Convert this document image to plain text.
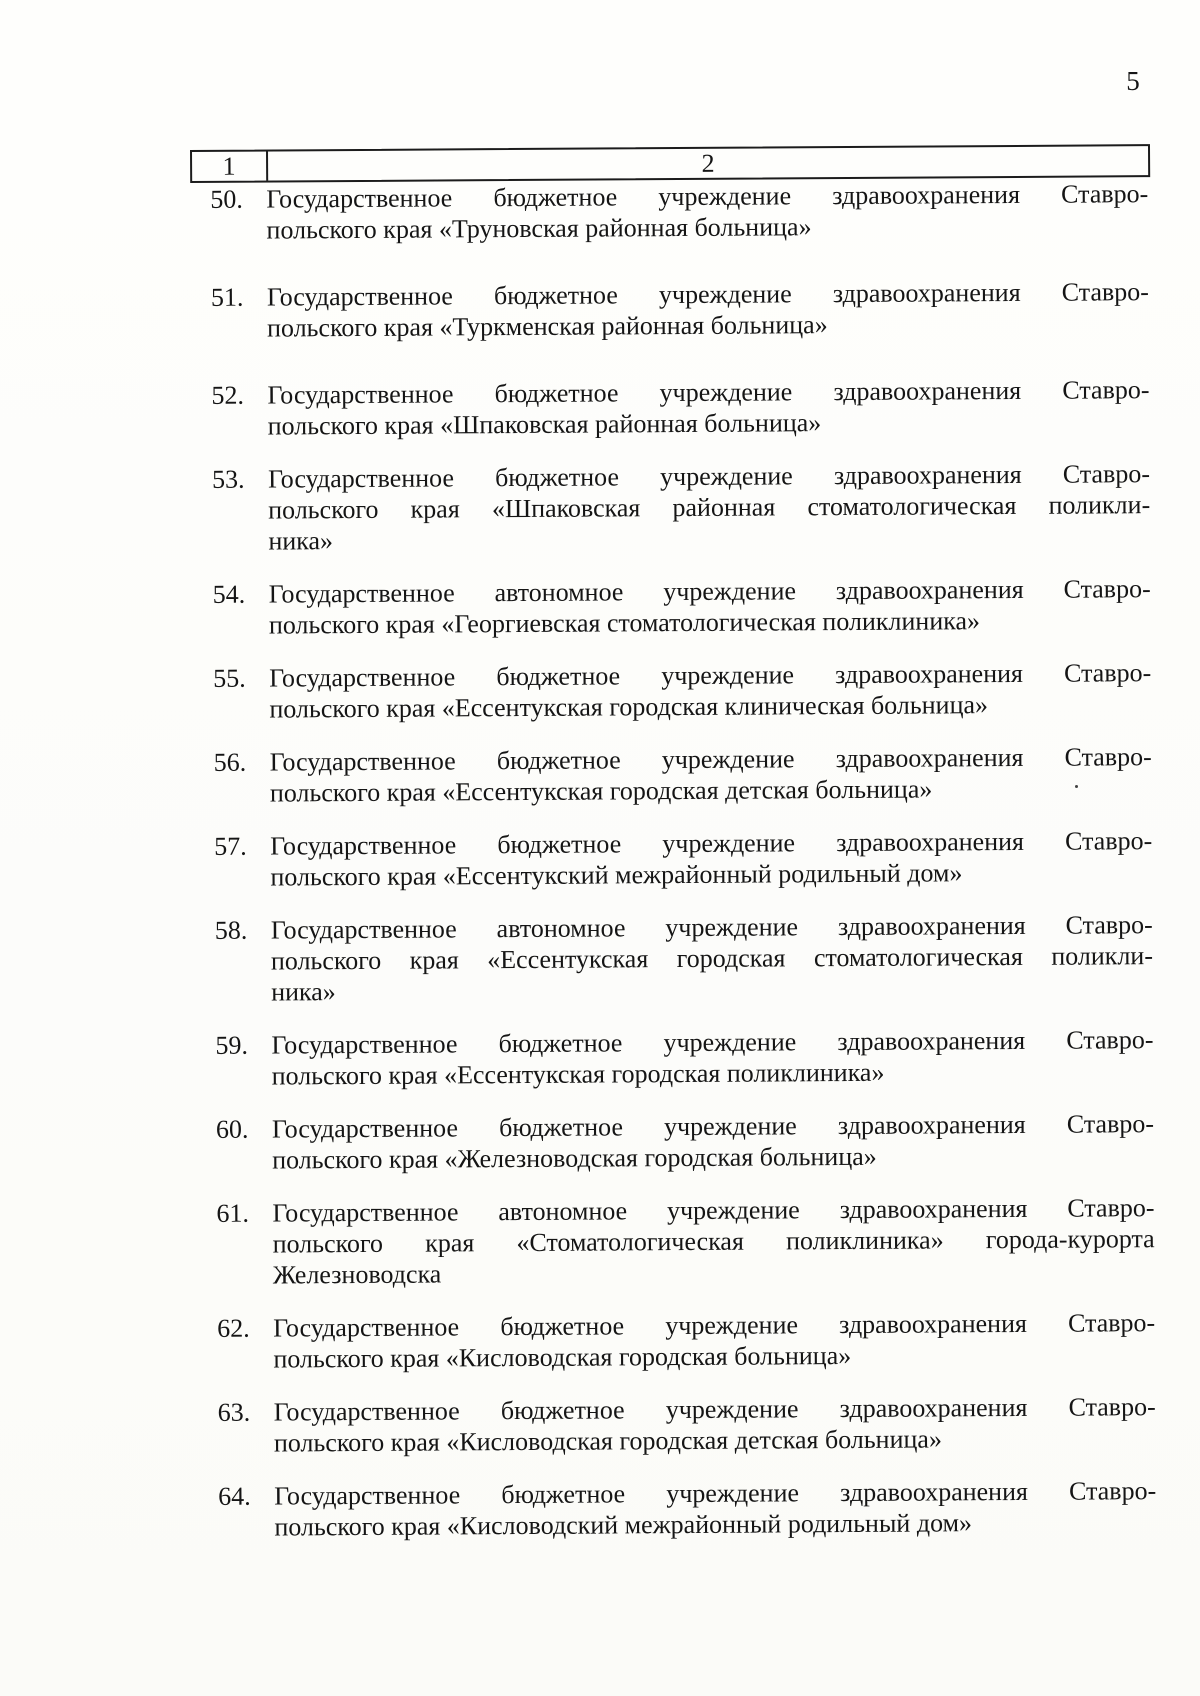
5
1	2
50. Государственное бюджетное учреждение здравоохранения Ставро-
польского края «Труновская районная больница»
51. Государственное бюджетное учреждение здравоохранения Ставро-
польского края «Туркменская районная больница»
52. Государственное бюджетное учреждение здравоохранения Ставро-
польского края «Шпаковская районная больница»
53. Государственное бюджетное учреждение здравоохранения Ставро-
польского края «Шпаковская районная стоматологическая поликли-
ника»
54. Государственное автономное учреждение здравоохранения Ставро-
польского края «Георгиевская стоматологическая поликлиника»
55. Государственное бюджетное учреждение здравоохранения Ставро-
польского края «Ессентукская городская клиническая больница»
56. Государственное бюджетное учреждение здравоохранения Ставро-
польского края «Ессентукская городская детская больница»
57. Государственное бюджетное учреждение здравоохранения Ставро-
польского края «Ессентукский межрайонный родильный дом»
58. Государственное автономное учреждение здравоохранения Ставро-
польского края «Ессентукская городская стоматологическая поликли-
ника»
59. Государственное бюджетное учреждение здравоохранения Ставро-
польского края «Ессентукская городская поликлиника»
60. Государственное бюджетное учреждение здравоохранения Ставро-
польского края «Железноводская городская больница»
61. Государственное автономное учреждение здравоохранения Ставро-
польского края «Стоматологическая поликлиника» города-курорта
Железноводска
62. Государственное бюджетное учреждение здравоохранения Ставро-
польского края «Кисловодская городская больница»
63. Государственное бюджетное учреждение здравоохранения Ставро-
польского края «Кисловодская городская детская больница»
64. Государственное бюджетное учреждение здравоохранения Ставро-
польского края «Кисловодский межрайонный родильный дом»
